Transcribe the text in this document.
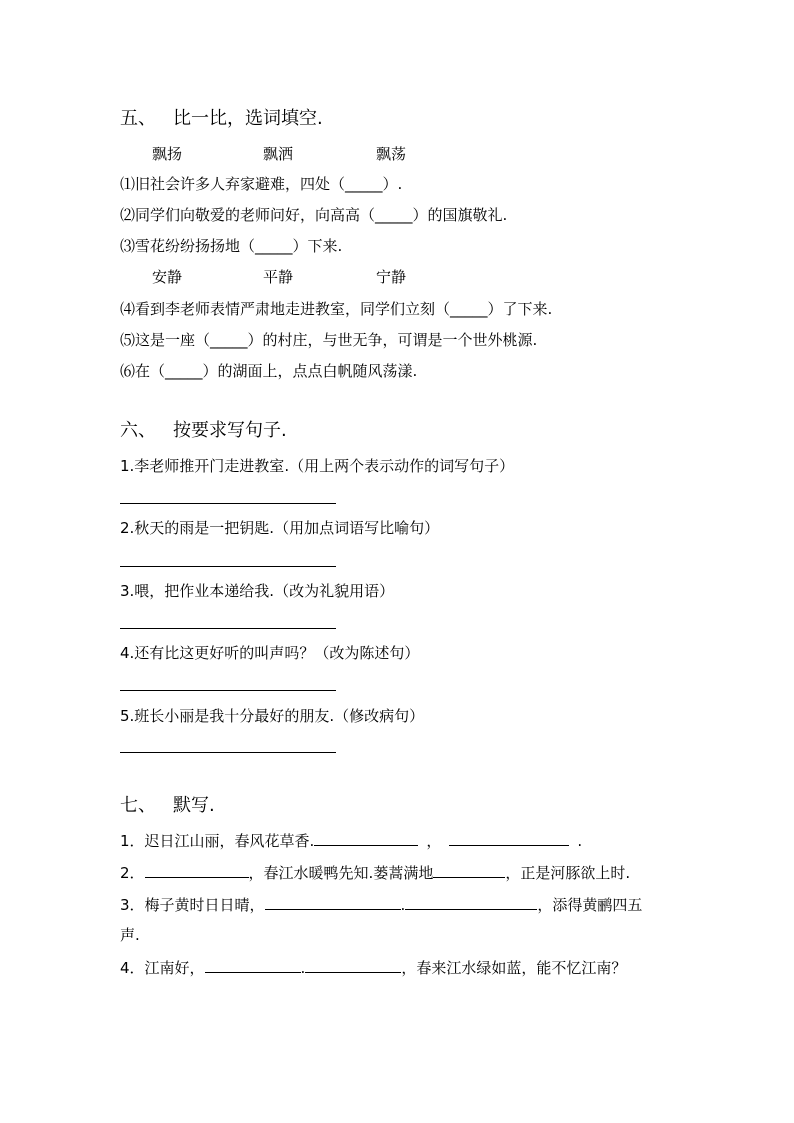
五、 比一比，选词填空.
飘扬	飘洒	飘荡
⑴旧社会许多人弃家避难，四处（_____）.
⑵同学们向敬爱的老师问好，向高高（_____）的国旗敬礼.
⑶雪花纷纷扬扬地（_____）下来.
安静	平静	宁静
⑷看到李老师表情严肃地走进教室，同学们立刻（_____）了下来.
⑸这是一座（_____）的村庄，与世无争，可谓是一个世外桃源.
⑹在（_____）的湖面上，点点白帆随风荡漾.
六、 按要求写句子.
1.李老师推开门走进教室.（用上两个表示动作的词写句子）
2.秋天的雨是一把钥匙.（用加点词语写比喻句）
3.喂，把作业本递给我.（改为礼貌用语）
4.还有比这更好听的叫声吗？（改为陈述句）
5.班长小丽是我十分最好的朋友.（修改病句）
七、 默写.
1．迟日江山丽，春风花草香.	，	.
2．	，春江水暖鸭先知.蒌蒿满地	，正是河豚欲上时.
3．梅子黄时日日晴，	.	，添得黄鹂四五
声.
4．江南好，	.	，春来江水绿如蓝，能不忆江南？
